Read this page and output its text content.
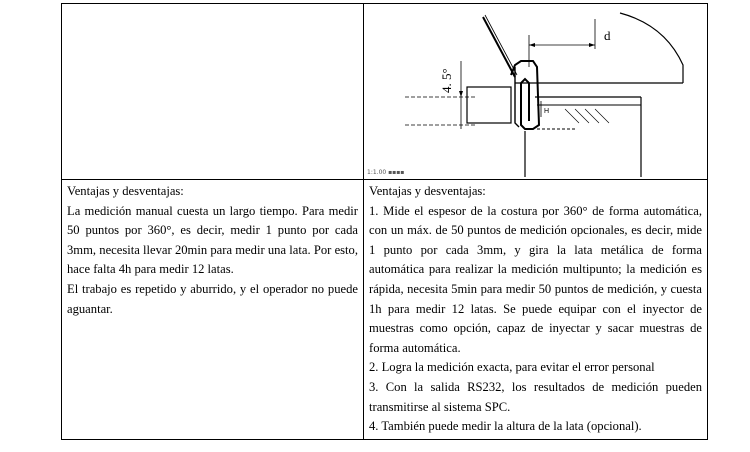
d
H
4. 5°
1:1.00 ▪▪▪▪

Ventajas y desventajas:

La medición manual cuesta un largo tiempo. Para medir 50 puntos por 360°, es decir, medir 1 punto por cada 3mm, necesita llevar 20min para medir una lata. Por esto, hace falta 4h para medir 12 latas.

El trabajo es repetido y aburrido, y el operador no puede aguantar.

Ventajas y desventajas:

1. Mide el espesor de la costura por 360° de forma automática, con un máx. de 50 puntos de medición opcionales, es decir, mide 1 punto por cada 3mm, y gira la lata metálica de forma automática para realizar la medición multipunto; la medición es rápida, necesita 5min para medir 50 puntos de medición, y cuesta 1h para medir 12 latas. Se puede equipar con el inyector de muestras como opción, capaz de inyectar y sacar muestras de forma automática.

2. Logra la medición exacta, para evitar el error personal

3. Con la salida RS232, los resultados de medición pueden transmitirse al sistema SPC.

4. También puede medir la altura de la lata (opcional).
